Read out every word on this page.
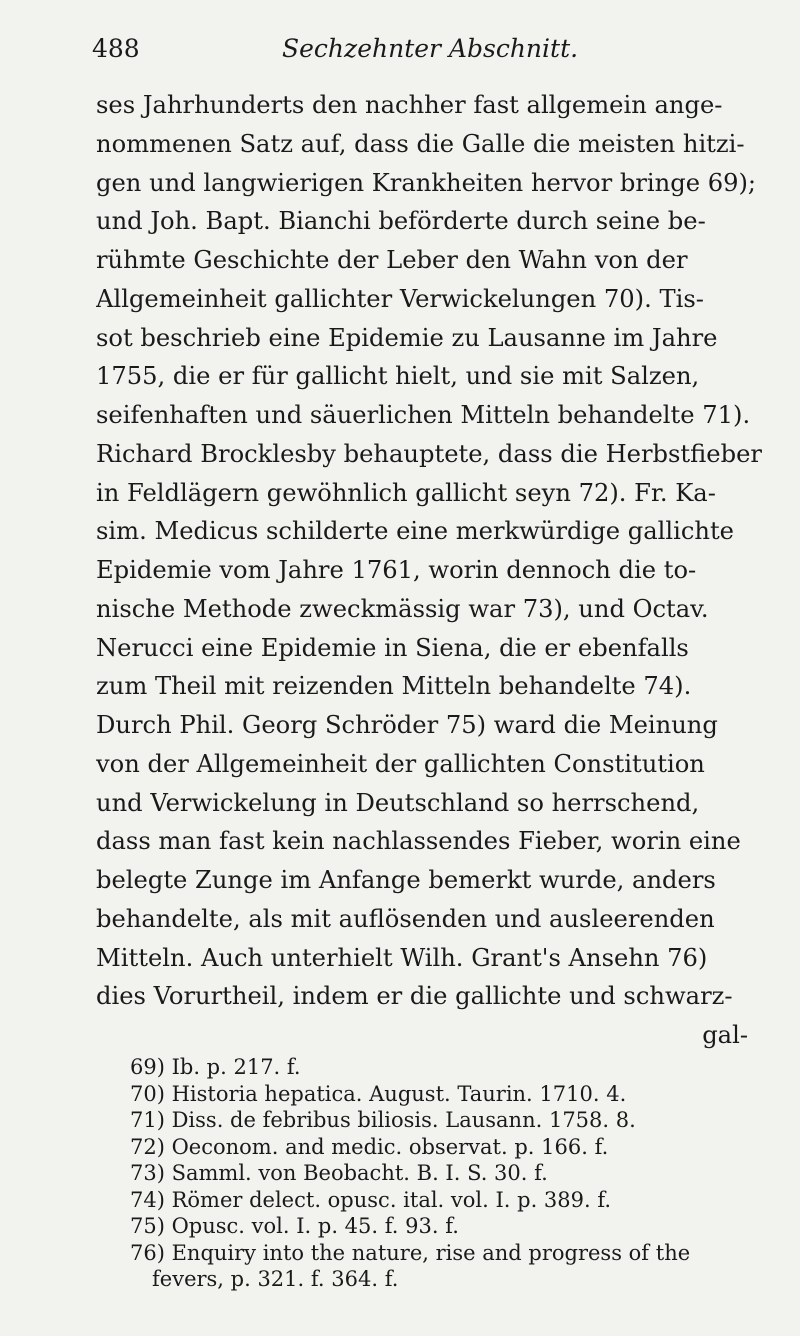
488	Sechzehnter Abschnitt.
ses Jahrhunderts den nachher fast allgemein ange-
nommenen Satz auf, dass die Galle die meisten hitzi-
gen und langwierigen Krankheiten hervor bringe 69);
und Joh. Bapt. Bianchi beförderte durch seine be-
rühmte Geschichte der Leber den Wahn von der
Allgemeinheit gallichter Verwickelungen 70). Tis-
sot beschrieb eine Epidemie zu Lausanne im Jahre
1755, die er für gallicht hielt, und sie mit Salzen,
seifenhaften und säuerlichen Mitteln behandelte 71).
Richard Brocklesby behauptete, dass die Herbstfieber
in Feldlägern gewöhnlich gallicht seyn 72). Fr. Ka-
sim. Medicus schilderte eine merkwürdige gallichte
Epidemie vom Jahre 1761, worin dennoch die to-
nische Methode zweckmässig war 73), und Octav.
Nerucci eine Epidemie in Siena, die er ebenfalls
zum Theil mit reizenden Mitteln behandelte 74).
Durch Phil. Georg Schröder 75) ward die Meinung
von der Allgemeinheit der gallichten Constitution
und Verwickelung in Deutschland so herrschend,
dass man fast kein nachlassendes Fieber, worin eine
belegte Zunge im Anfange bemerkt wurde, anders
behandelte, als mit auflösenden und ausleerenden
Mitteln. Auch unterhielt Wilh. Grant's Ansehn 76)
dies Vorurtheil, indem er die gallichte und schwarz-
gal-
69) Ib. p. 217. f.
70) Historia hepatica. August. Taurin. 1710. 4.
71) Diss. de febribus biliosis. Lausann. 1758. 8.
72) Oeconom. and medic. observat. p. 166. f.
73) Samml. von Beobacht. B. I. S. 30. f.
74) Römer delect. opusc. ital. vol. I. p. 389. f.
75) Opusc. vol. I. p. 45. f. 93. f.
76) Enquiry into the nature, rise and progress of the
fevers, p. 321. f. 364. f.
